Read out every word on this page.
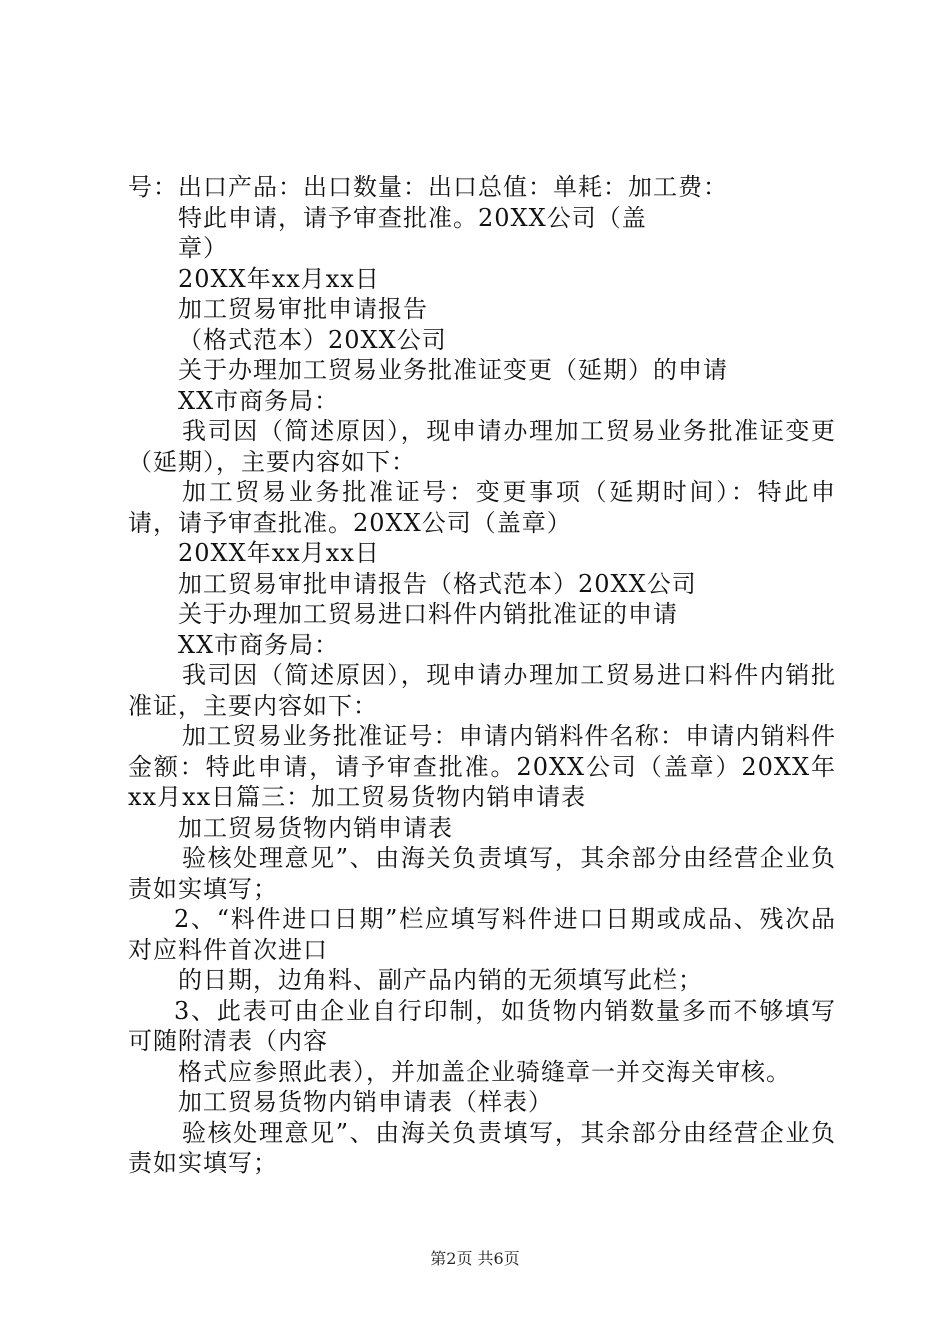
号：出口产品：出口数量：出口总值：单耗：加工费：
特此申请，请予审查批准。20XX公司（盖
章）
20XX年xx月xx日
加工贸易审批申请报告
（格式范本）20XX公司
关于办理加工贸易业务批准证变更（延期）的申请
XX市商务局：
我司因（简述原因），现申请办理加工贸易业务批准证变更（延期），主要内容如下：
加工贸易业务批准证号：变更事项（延期时间）：特此申请，请予审查批准。20XX公司（盖章）
20XX年xx月xx日
加工贸易审批申请报告（格式范本）20XX公司
关于办理加工贸易进口料件内销批准证的申请
XX市商务局：
我司因（简述原因），现申请办理加工贸易进口料件内销批准证，主要内容如下：
加工贸易业务批准证号：申请内销料件名称：申请内销料件金额：特此申请，请予审查批准。20XX公司（盖章）20XX年xx月xx日篇三：加工贸易货物内销申请表
加工贸易货物内销申请表
验核处理意见”、由海关负责填写，其余部分由经营企业负责如实填写；
2、“料件进口日期”栏应填写料件进口日期或成品、残次品对应料件首次进口
的日期，边角料、副产品内销的无须填写此栏；
3、此表可由企业自行印制，如货物内销数量多而不够填写可随附清表（内容
格式应参照此表），并加盖企业骑缝章一并交海关审核。
加工贸易货物内销申请表（样表）
验核处理意见”、由海关负责填写，其余部分由经营企业负责如实填写；
第2页 共6页
